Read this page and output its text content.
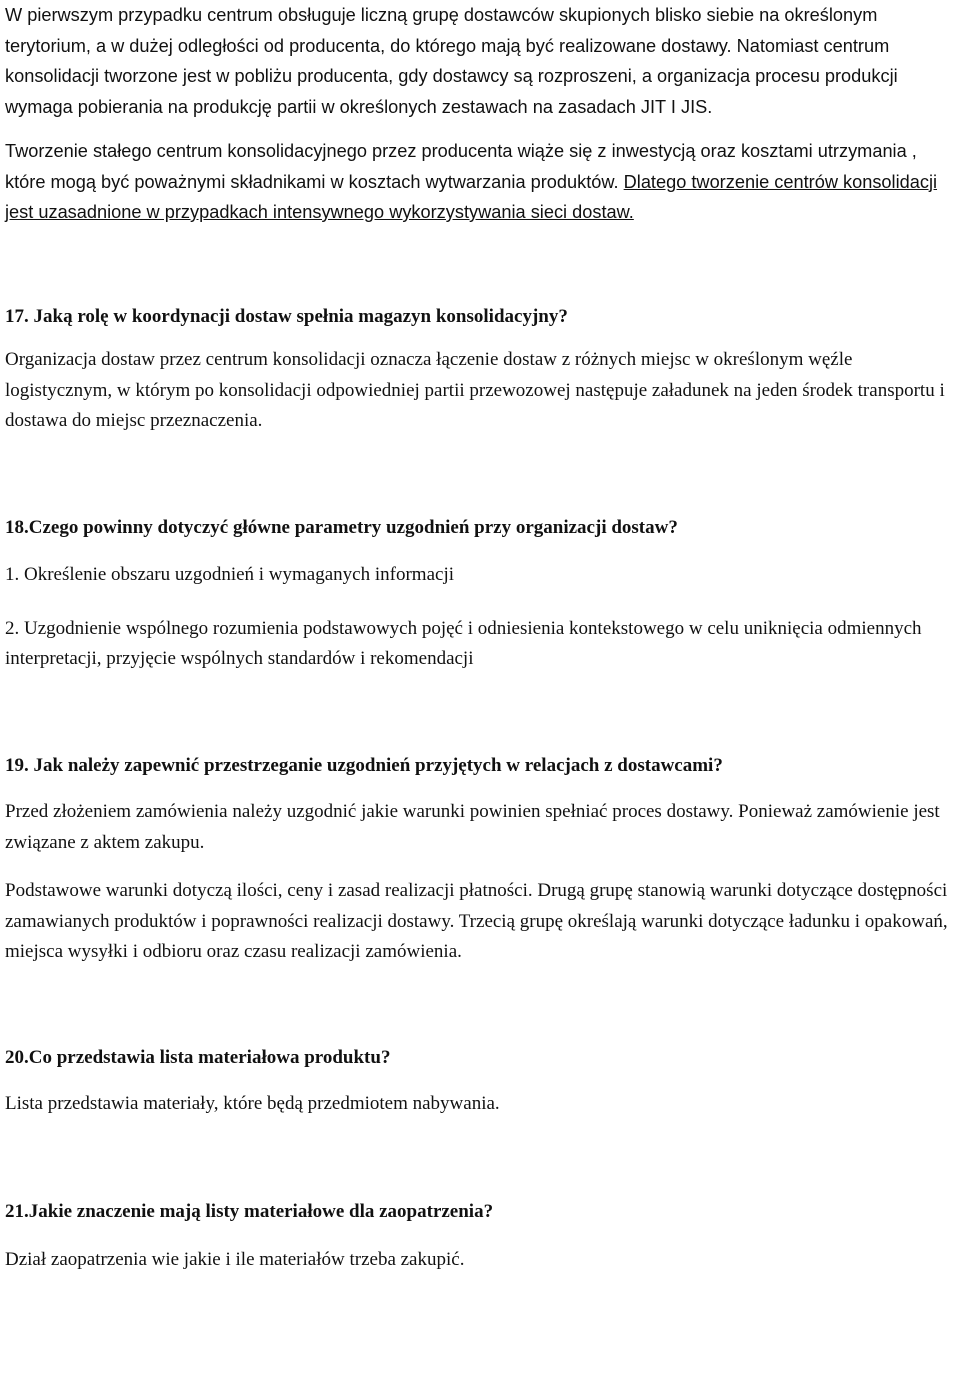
W pierwszym przypadku centrum obsługuje liczną grupę dostawców skupionych blisko siebie na określonym terytorium, a w dużej odległości od producenta, do którego mają być realizowane dostawy. Natomiast centrum konsolidacji tworzone jest w pobliżu producenta, gdy dostawcy są rozproszeni, a organizacja procesu produkcji wymaga pobierania na produkcję partii w określonych zestawach na zasadach JIT I JIS.

Tworzenie stałego centrum konsolidacyjnego przez producenta wiąże się z inwestycją oraz kosztami utrzymania , które mogą być poważnymi składnikami w kosztach wytwarzania produktów. Dlatego tworzenie centrów konsolidacji jest uzasadnione w przypadkach intensywnego wykorzystywania sieci dostaw.

17. Jaką rolę w koordynacji dostaw spełnia magazyn konsolidacyjny?

Organizacja dostaw przez centrum konsolidacji oznacza łączenie dostaw z różnych miejsc w określonym węźle logistycznym, w którym po konsolidacji odpowiedniej partii przewozowej następuje załadunek na jeden środek transportu i dostawa do miejsc przeznaczenia.

18.Czego powinny dotyczyć główne parametry uzgodnień przy organizacji dostaw?

1. Określenie obszaru uzgodnień i wymaganych informacji

2. Uzgodnienie wspólnego rozumienia podstawowych pojęć i odniesienia kontekstowego w celu uniknięcia odmiennych interpretacji, przyjęcie wspólnych standardów i rekomendacji

19. Jak należy zapewnić przestrzeganie uzgodnień przyjętych w relacjach z dostawcami?

Przed złożeniem zamówienia należy uzgodnić jakie warunki powinien spełniać proces dostawy. Ponieważ zamówienie jest związane z aktem zakupu.

Podstawowe warunki dotyczą ilości, ceny i zasad realizacji płatności. Drugą grupę stanowią warunki dotyczące dostępności zamawianych produktów i poprawności realizacji dostawy. Trzecią grupę określają warunki dotyczące ładunku i opakowań, miejsca wysyłki i odbioru oraz czasu realizacji zamówienia.

20.Co przedstawia lista materiałowa produktu?

Lista przedstawia materiały, które będą przedmiotem nabywania.

21.Jakie znaczenie mają listy materiałowe dla zaopatrzenia?

Dział zaopatrzenia wie jakie i ile materiałów trzeba zakupić.
